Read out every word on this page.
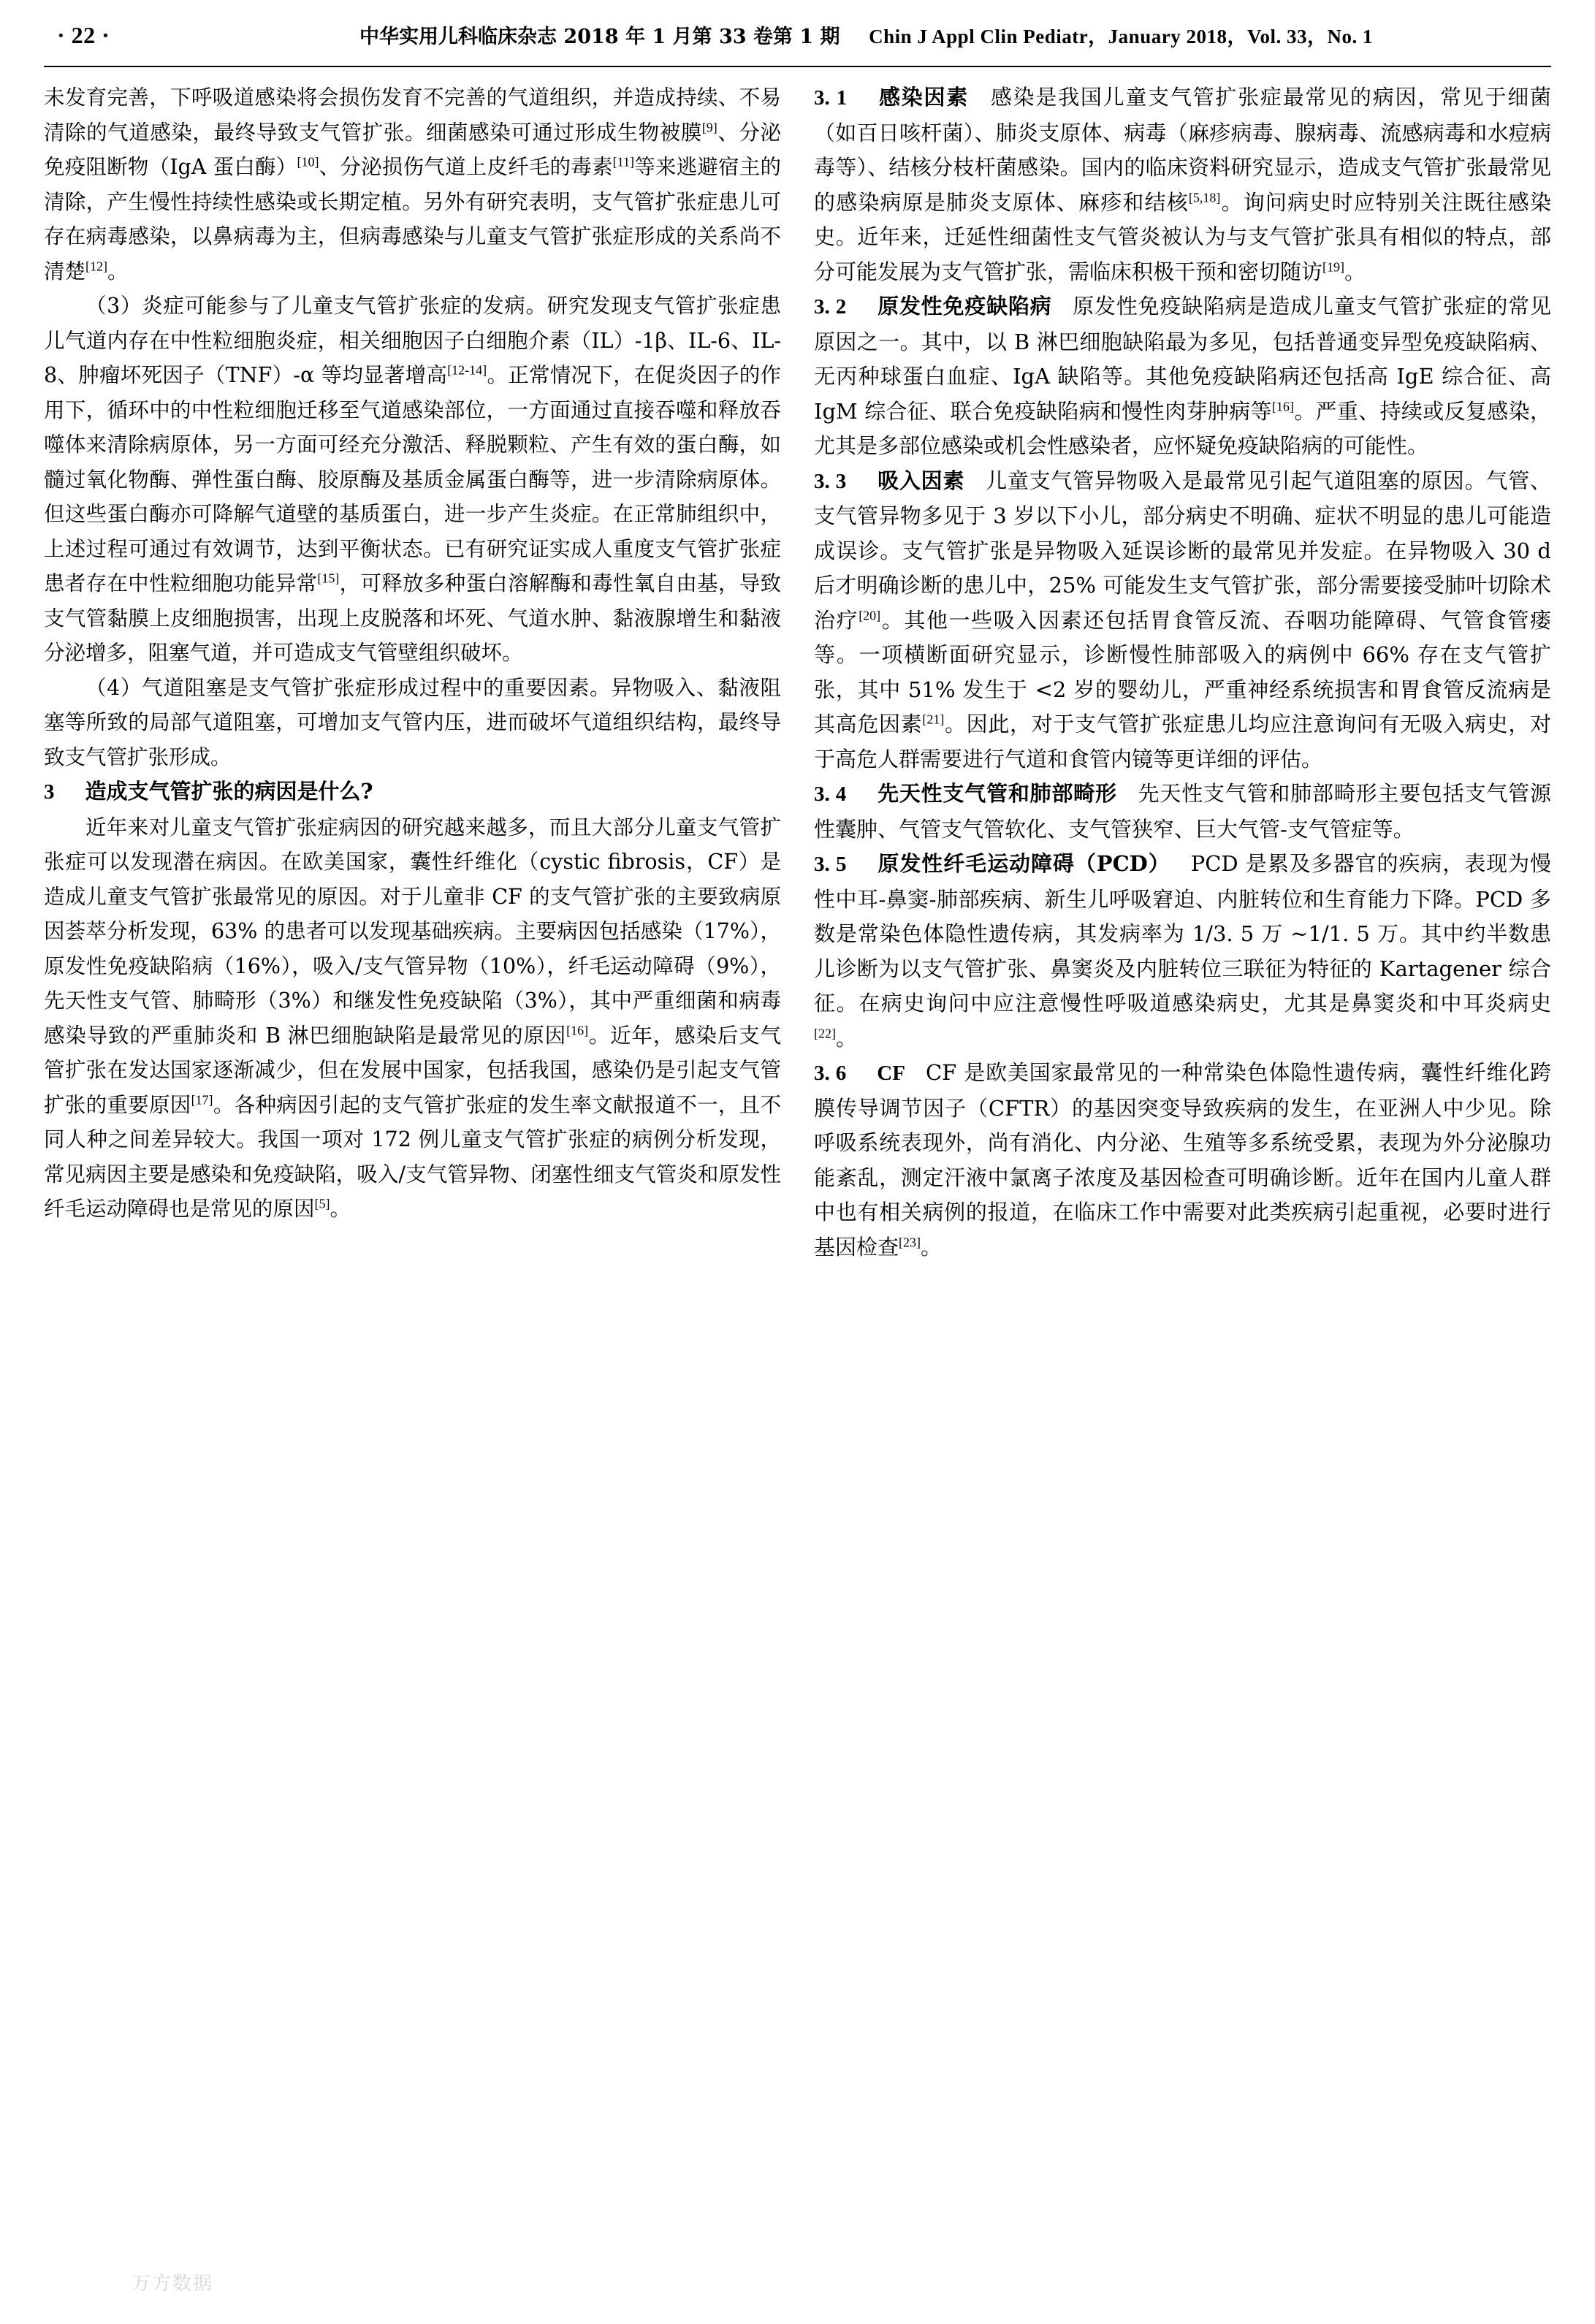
· 22 ·	中华实用儿科临床杂志 2018 年 1 月第 33 卷第 1 期 Chin J Appl Clin Pediatr，January 2018，Vol. 33，No. 1

未发育完善，下呼吸道感染将会损伤发育不完善的气道组织，并造成持续、不易清除的气道感染，最终导致支气管扩张。细菌感染可通过形成生物被膜[9]、分泌免疫阻断物（IgA 蛋白酶）[10]、分泌损伤气道上皮纤毛的毒素[11]等来逃避宿主的清除，产生慢性持续性感染或长期定植。另外有研究表明，支气管扩张症患儿可存在病毒感染，以鼻病毒为主，但病毒感染与儿童支气管扩张症形成的关系尚不清楚[12]。

（3）炎症可能参与了儿童支气管扩张症的发病。研究发现支气管扩张症患儿气道内存在中性粒细胞炎症，相关细胞因子白细胞介素（IL）-1β、IL-6、IL-8、肿瘤坏死因子（TNF）-α 等均显著增高[12-14]。正常情况下，在促炎因子的作用下，循环中的中性粒细胞迁移至气道感染部位，一方面通过直接吞噬和释放吞噬体来清除病原体，另一方面可经充分激活、释脱颗粒、产生有效的蛋白酶，如髓过氧化物酶、弹性蛋白酶、胶原酶及基质金属蛋白酶等，进一步清除病原体。但这些蛋白酶亦可降解气道壁的基质蛋白，进一步产生炎症。在正常肺组织中，上述过程可通过有效调节，达到平衡状态。已有研究证实成人重度支气管扩张症患者存在中性粒细胞功能异常[15]，可释放多种蛋白溶解酶和毒性氧自由基，导致支气管黏膜上皮细胞损害，出现上皮脱落和坏死、气道水肿、黏液腺增生和黏液分泌增多，阻塞气道，并可造成支气管壁组织破坏。

（4）气道阻塞是支气管扩张症形成过程中的重要因素。异物吸入、黏液阻塞等所致的局部气道阻塞，可增加支气管内压，进而破坏气道组织结构，最终导致支气管扩张形成。

3 造成支气管扩张的病因是什么?

近年来对儿童支气管扩张症病因的研究越来越多，而且大部分儿童支气管扩张症可以发现潜在病因。在欧美国家，囊性纤维化（cystic fibrosis，CF）是造成儿童支气管扩张最常见的原因。对于儿童非 CF 的支气管扩张的主要致病原因荟萃分析发现，63% 的患者可以发现基础疾病。主要病因包括感染（17%），原发性免疫缺陷病（16%），吸入/支气管异物（10%），纤毛运动障碍（9%），先天性支气管、肺畸形（3%）和继发性免疫缺陷（3%），其中严重细菌和病毒感染导致的严重肺炎和 B 淋巴细胞缺陷是最常见的原因[16]。近年，感染后支气管扩张在发达国家逐渐减少，但在发展中国家，包括我国，感染仍是引起支气管扩张的重要原因[17]。各种病因引起的支气管扩张症的发生率文献报道不一，且不同人种之间差异较大。我国一项对 172 例儿童支气管扩张症的病例分析发现，常见病因主要是感染和免疫缺陷，吸入/支气管异物、闭塞性细支气管炎和原发性纤毛运动障碍也是常见的原因[5]。

万方数据

3. 1 感染因素 感染是我国儿童支气管扩张症最常见的病因，常见于细菌（如百日咳杆菌）、肺炎支原体、病毒（麻疹病毒、腺病毒、流感病毒和水痘病毒等）、结核分枝杆菌感染。国内的临床资料研究显示，造成支气管扩张最常见的感染病原是肺炎支原体、麻疹和结核[5,18]。询问病史时应特别关注既往感染史。近年来，迁延性细菌性支气管炎被认为与支气管扩张具有相似的特点，部分可能发展为支气管扩张，需临床积极干预和密切随访[19]。

3. 2 原发性免疫缺陷病 原发性免疫缺陷病是造成儿童支气管扩张症的常见原因之一。其中，以 B 淋巴细胞缺陷最为多见，包括普通变异型免疫缺陷病、无丙种球蛋白血症、IgA 缺陷等。其他免疫缺陷病还包括高 IgE 综合征、高 IgM 综合征、联合免疫缺陷病和慢性肉芽肿病等[16]。严重、持续或反复感染，尤其是多部位感染或机会性感染者，应怀疑免疫缺陷病的可能性。

3. 3 吸入因素 儿童支气管异物吸入是最常见引起气道阻塞的原因。气管、支气管异物多见于 3 岁以下小儿，部分病史不明确、症状不明显的患儿可能造成误诊。支气管扩张是异物吸入延误诊断的最常见并发症。在异物吸入 30 d 后才明确诊断的患儿中，25% 可能发生支气管扩张，部分需要接受肺叶切除术治疗[20]。其他一些吸入因素还包括胃食管反流、吞咽功能障碍、气管食管瘘等。一项横断面研究显示，诊断慢性肺部吸入的病例中 66% 存在支气管扩张，其中 51% 发生于 <2 岁的婴幼儿，严重神经系统损害和胃食管反流病是其高危因素[21]。因此，对于支气管扩张症患儿均应注意询问有无吸入病史，对于高危人群需要进行气道和食管内镜等更详细的评估。

3. 4 先天性支气管和肺部畸形 先天性支气管和肺部畸形主要包括支气管源性囊肿、气管支气管软化、支气管狭窄、巨大气管-支气管症等。

3. 5 原发性纤毛运动障碍（PCD） PCD 是累及多器官的疾病，表现为慢性中耳-鼻窦-肺部疾病、新生儿呼吸窘迫、内脏转位和生育能力下降。PCD 多数是常染色体隐性遗传病，其发病率为 1/3. 5 万 ~1/1. 5 万。其中约半数患儿诊断为以支气管扩张、鼻窦炎及内脏转位三联征为特征的 Kartagener 综合征。在病史询问中应注意慢性呼吸道感染病史，尤其是鼻窦炎和中耳炎病史[22]。

3. 6 CF CF 是欧美国家最常见的一种常染色体隐性遗传病，囊性纤维化跨膜传导调节因子（CFTR）的基因突变导致疾病的发生，在亚洲人中少见。除呼吸系统表现外，尚有消化、内分泌、生殖等多系统受累，表现为外分泌腺功能紊乱，测定汗液中氯离子浓度及基因检查可明确诊断。近年在国内儿童人群中也有相关病例的报道，在临床工作中需要对此类疾病引起重视，必要时进行基因检查[23]。
